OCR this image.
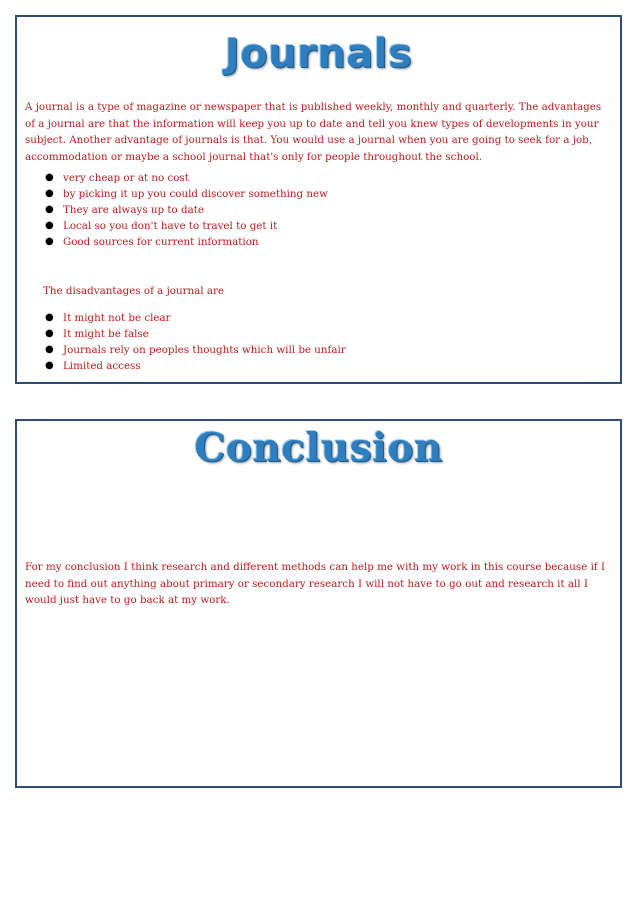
Journals

A journal is a type of magazine or newspaper that is published weekly, monthly and quarterly. The advantages of a journal are that the information will keep you up to date and tell you knew types of developments in your subject. Another advantage of journals is that. You would use a journal when you are going to seek for a job, accommodation or maybe a school journal that's only for people throughout the school.

● very cheap or at no cost
● by picking it up you could discover something new
● They are always up to date
● Local so you don't have to travel to get it
● Good sources for current information

The disadvantages of a journal are

● It might not be clear
● It might be false
● Journals rely on peoples thoughts which will be unfair
● Limited access
Conclusion

For my conclusion I think research and different methods can help me with my work in this course because if I need to find out anything about primary or secondary research I will not have to go out and research it all I would just have to go back at my work.
